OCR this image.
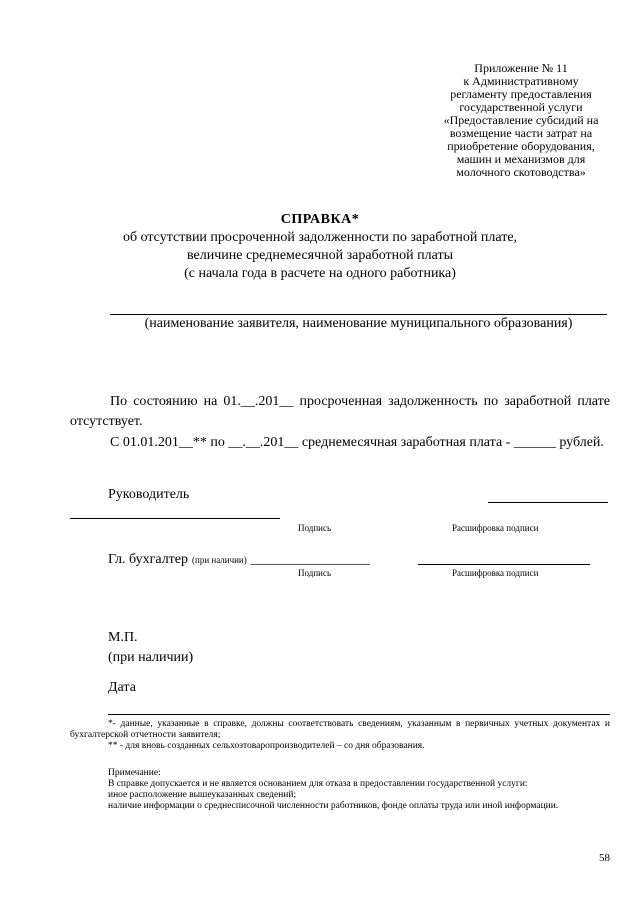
Приложение № 11
к Административному
регламенту предоставления
государственной услуги
«Предоставление субсидий на
возмещение части затрат на
приобретение оборудования,
машин и механизмов для
молочного скотоводства»
СПРАВКА*
об отсутствии просроченной задолженности по заработной плате,
величине среднемесячной заработной платы
(с начала года в расчете на одного работника)
(наименование заявителя, наименование муниципального образования)
По состоянию на 01.__.201__ просроченная задолженность по заработной плате отсутствует.
С 01.01.201__** по __.__.201__ среднемесячная заработная плата - ______ рублей.
Руководитель
Подпись	Расшифровка подписи
Гл. бухгалтер (при наличии) _________________
Подпись	Расшифровка подписи
М.П.
(при наличии)
Дата
*- данные, указанные в справке, должны соответствовать сведениям, указанным в первичных учетных документах и бухгалтерской отчетности заявителя;
** - для вновь созданных сельхозтоваропроизводителей – со дня образования.
Примечание:
В справке допускается и не является основанием для отказа в предоставлении государственной услуги:
иное расположение вышеуказанных сведений;
наличие информации о среднесписочной численности работников, фонде оплаты труда или иной информации.
58
